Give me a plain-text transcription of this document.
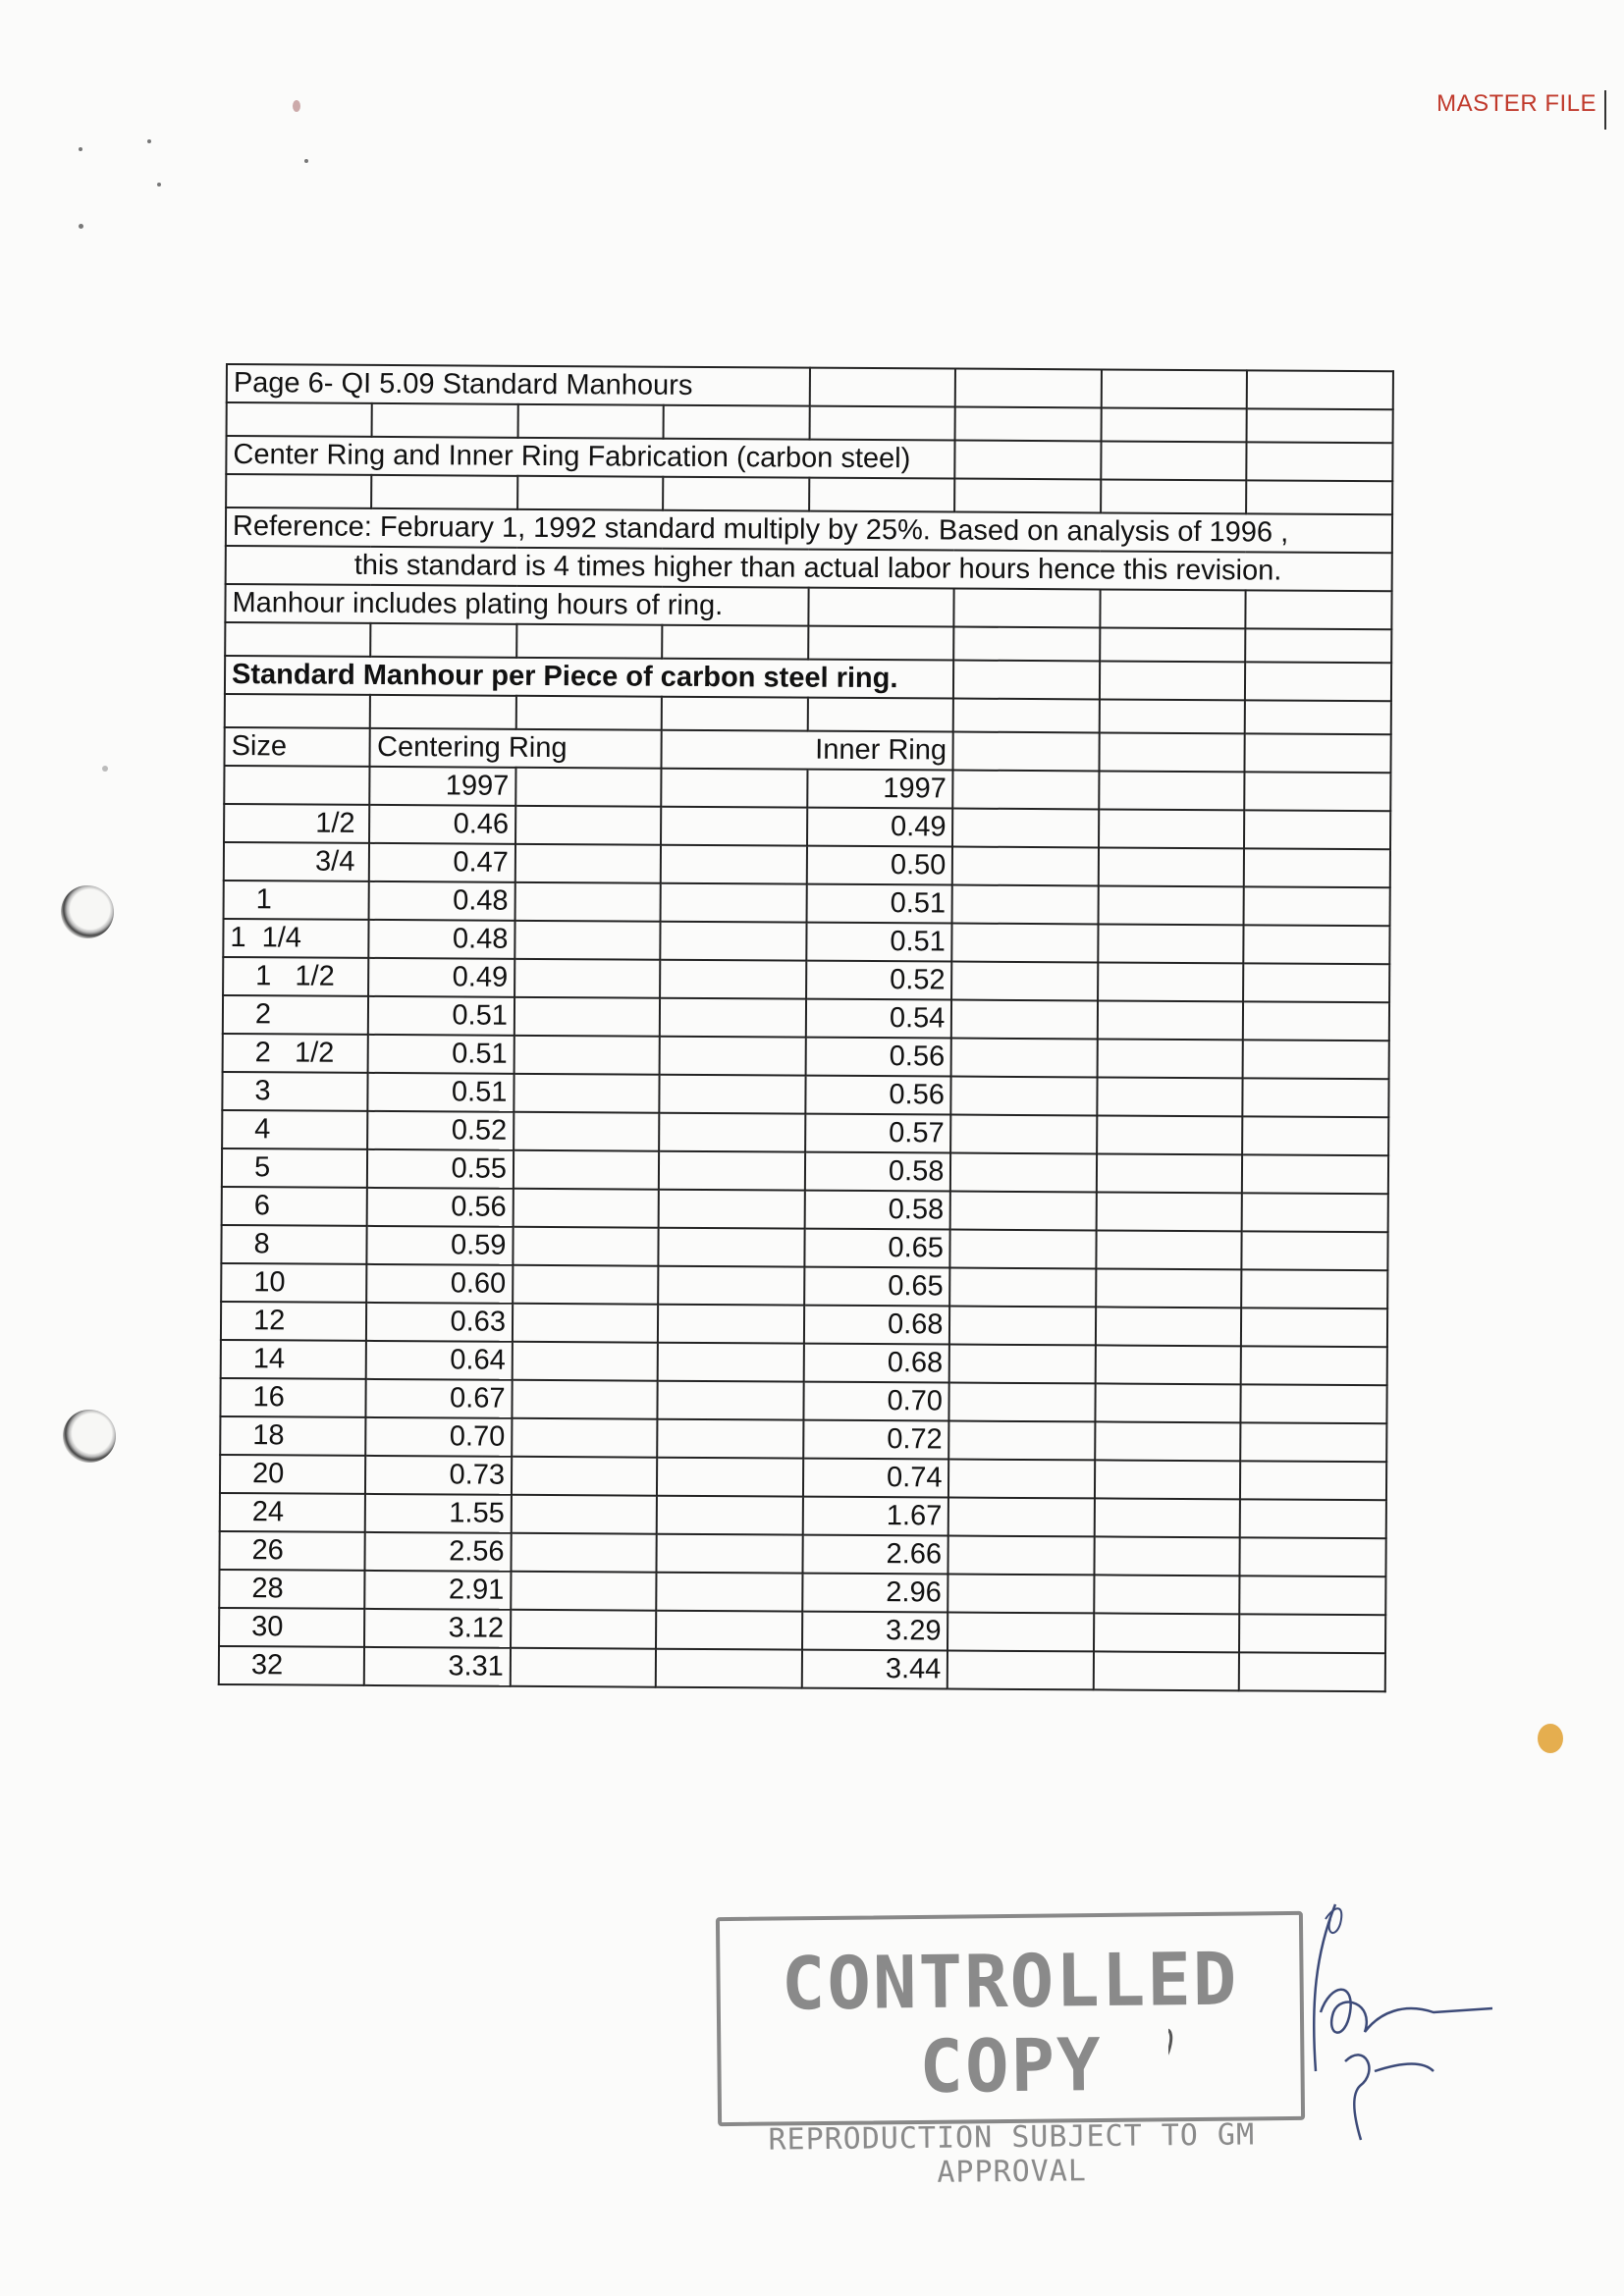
MASTER FILE
Page 6- QI 5.09 Standard Manhours							

Center Ring and Inner Ring Fabrication (carbon steel)							

Reference: February 1, 1992 standard multiply by 25%. Based on analysis of 1996 ,							
this standard is 4 times higher than actual labor hours hence this revision.							
Manhour includes plating hours of ring.							

Standard Manhour per Piece of carbon steel ring.							

Size	Centering Ring			Inner Ring			
	1997			1997			
1/2	0.46			0.49			
3/4	0.47			0.50			
1	0.48			0.51			
1  1/4	0.48			0.51			
1   1/2	0.49			0.52			
2	0.51			0.54			
2   1/2	0.51			0.56			
3	0.51			0.56			
4	0.52			0.57			
5	0.55			0.58			
6	0.56			0.58			
8	0.59			0.65			
10	0.60			0.65			
12	0.63			0.68			
14	0.64			0.68			
16	0.67			0.70			
18	0.70			0.72			
20	0.73			0.74			
24	1.55			1.67			
26	2.56			2.66			
28	2.91			2.96			
30	3.12			3.29			
32	3.31			3.44			
CONTROLLED COPY
REPRODUCTION SUBJECT TO GM APPROVAL
